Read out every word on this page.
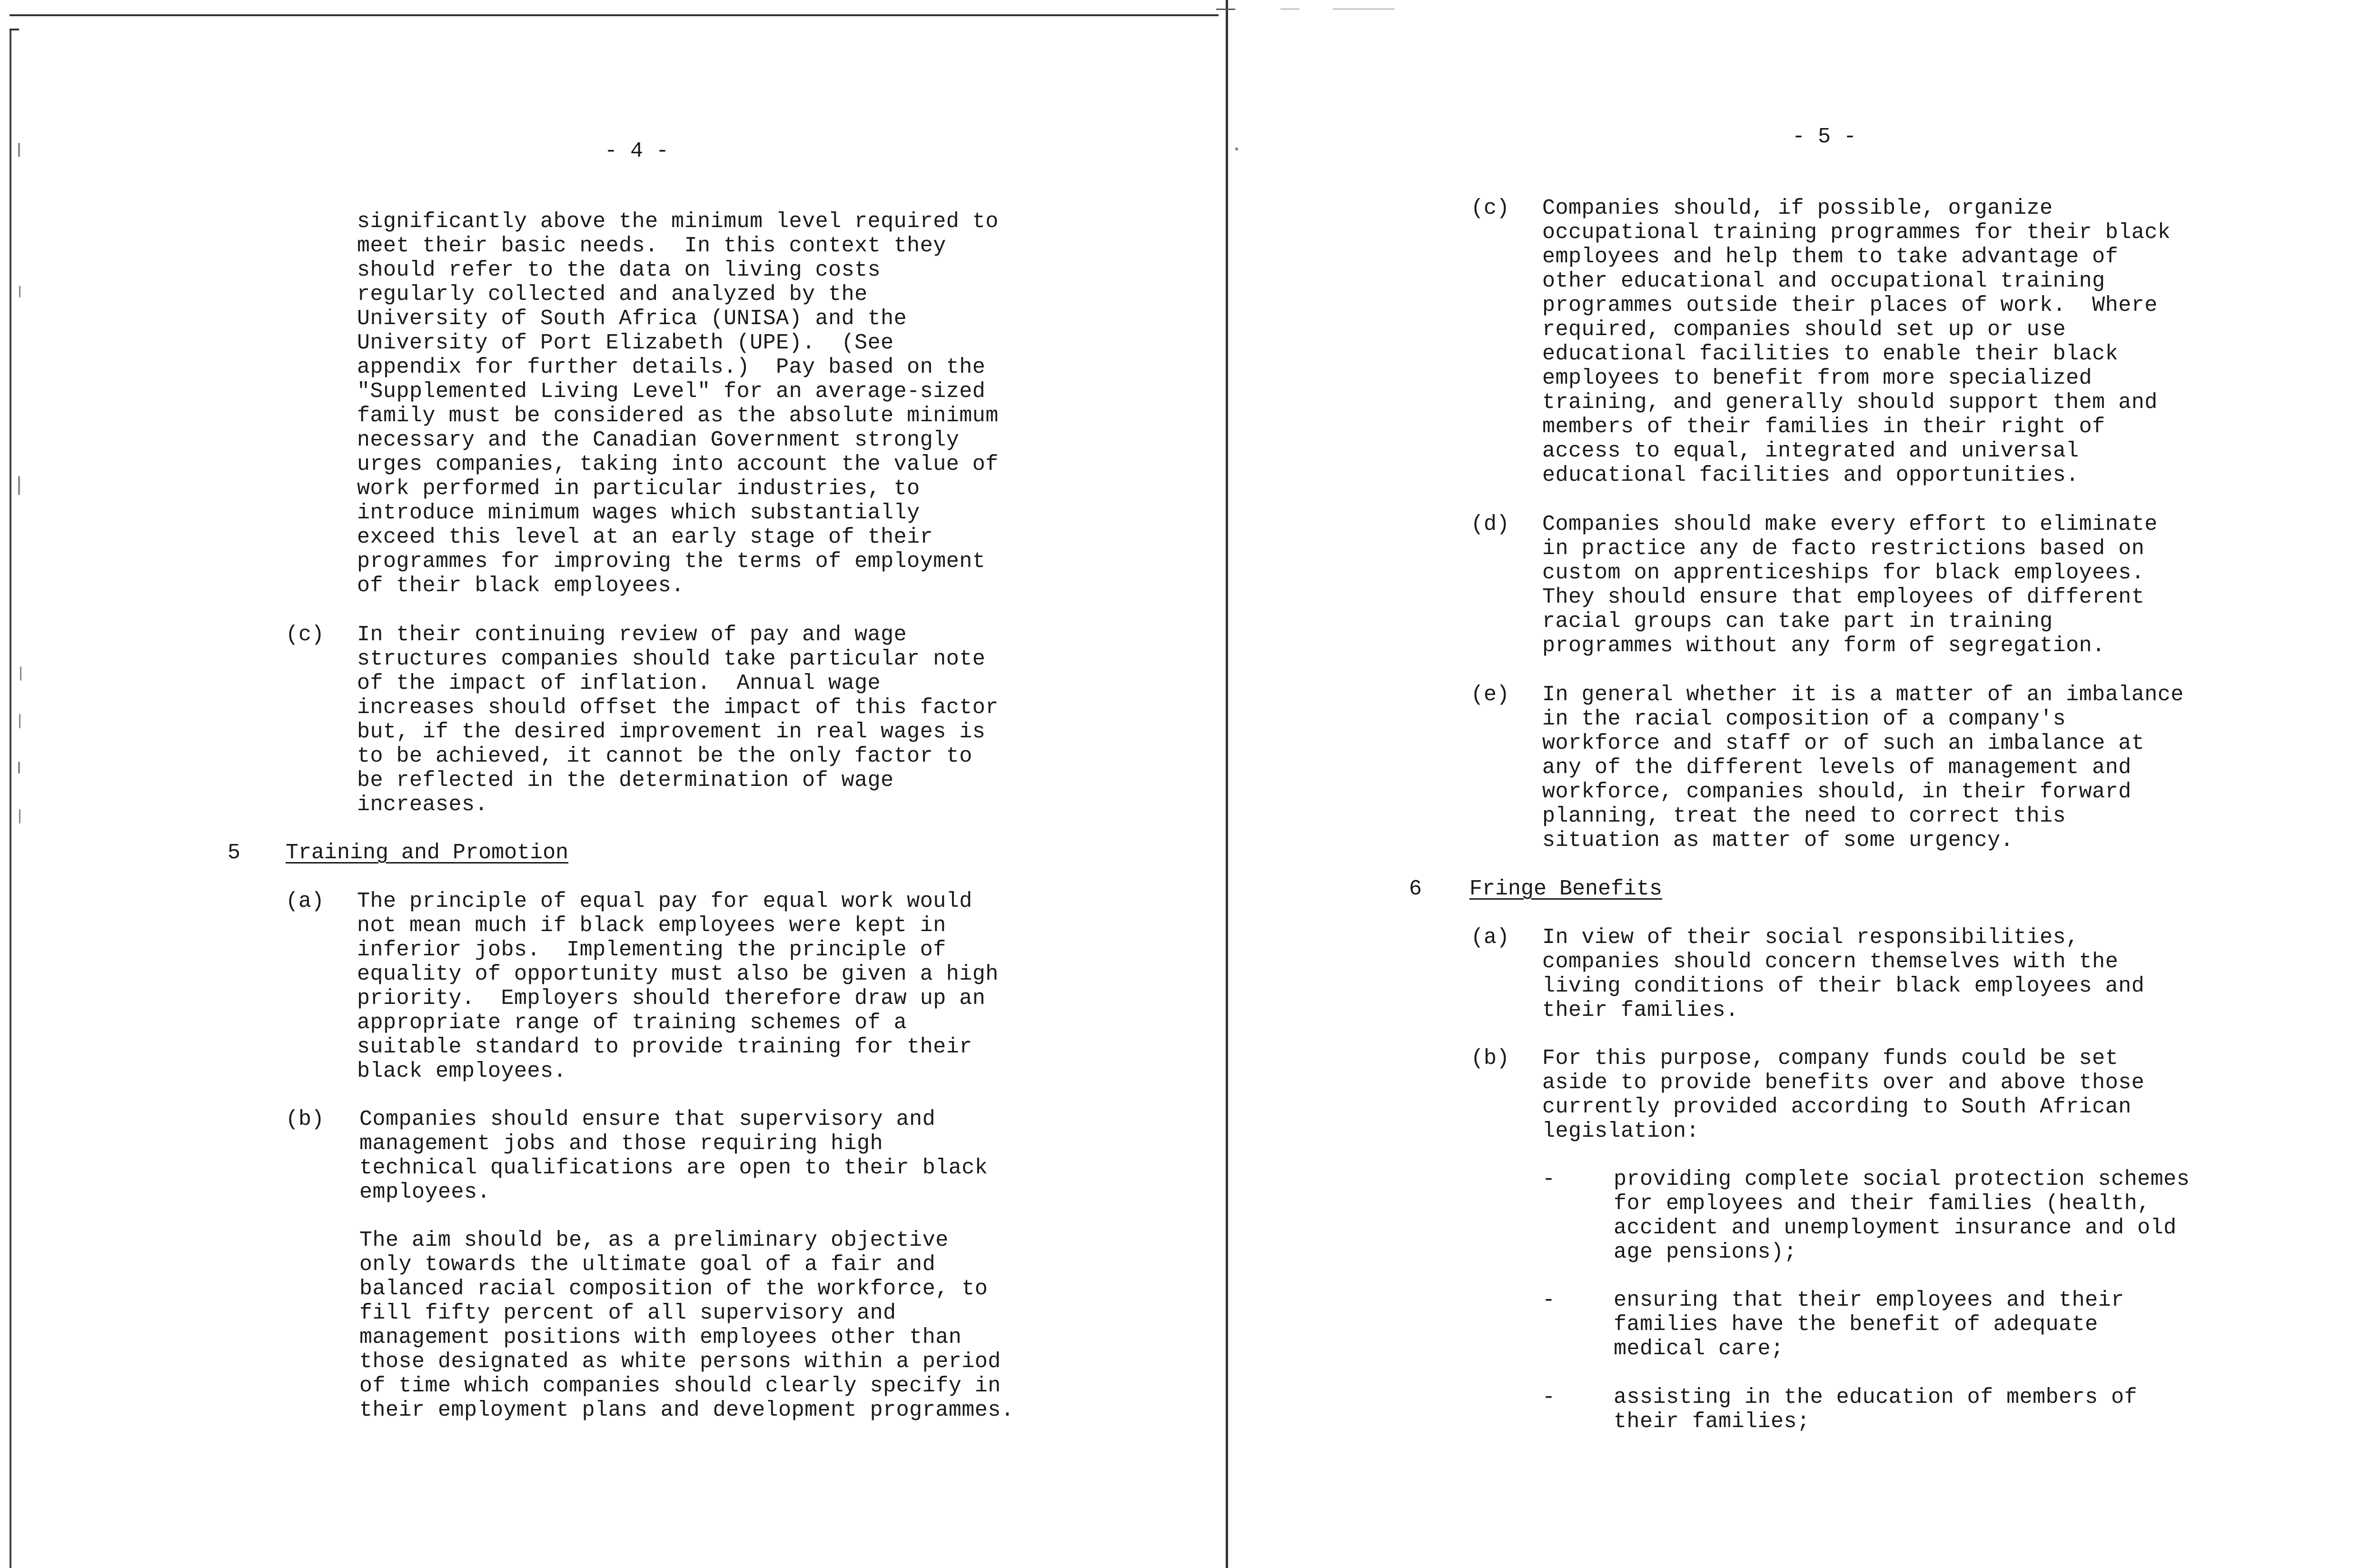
- 4 -
significantly above the minimum level required to
meet their basic needs.  In this context they
should refer to the data on living costs
regularly collected and analyzed by the
University of South Africa (UNISA) and the
University of Port Elizabeth (UPE).  (See
appendix for further details.)  Pay based on the
"Supplemented Living Level" for an average-sized
family must be considered as the absolute minimum
necessary and the Canadian Government strongly
urges companies, taking into account the value of
work performed in particular industries, to
introduce minimum wages which substantially
exceed this level at an early stage of their
programmes for improving the terms of employment
of their black employees.
(c) In their continuing review of pay and wage
structures companies should take particular note
of the impact of inflation.  Annual wage
increases should offset the impact of this factor
but, if the desired improvement in real wages is
to be achieved, it cannot be the only factor to
be reflected in the determination of wage
increases.
5 Training and Promotion
(a) The principle of equal pay for equal work would
not mean much if black employees were kept in
inferior jobs.  Implementing the principle of
equality of opportunity must also be given a high
priority.  Employers should therefore draw up an
appropriate range of training schemes of a
suitable standard to provide training for their
black employees.
(b) Companies should ensure that supervisory and
management jobs and those requiring high
technical qualifications are open to their black
employees.
The aim should be, as a preliminary objective
only towards the ultimate goal of a fair and
balanced racial composition of the workforce, to
fill fifty percent of all supervisory and
management positions with employees other than
those designated as white persons within a period
of time which companies should clearly specify in
their employment plans and development programmes.
- 5 -
(c) Companies should, if possible, organize
occupational training programmes for their black
employees and help them to take advantage of
other educational and occupational training
programmes outside their places of work.  Where
required, companies should set up or use
educational facilities to enable their black
employees to benefit from more specialized
training, and generally should support them and
members of their families in their right of
access to equal, integrated and universal
educational facilities and opportunities.
(d) Companies should make every effort to eliminate
in practice any de facto restrictions based on
custom on apprenticeships for black employees.
They should ensure that employees of different
racial groups can take part in training
programmes without any form of segregation.
(e) In general whether it is a matter of an imbalance
in the racial composition of a company's
workforce and staff or of such an imbalance at
any of the different levels of management and
workforce, companies should, in their forward
planning, treat the need to correct this
situation as matter of some urgency.
6 Fringe Benefits
(a) In view of their social responsibilities,
companies should concern themselves with the
living conditions of their black employees and
their families.
(b) For this purpose, company funds could be set
aside to provide benefits over and above those
currently provided according to South African
legislation:
-	providing complete social protection schemes
for employees and their families (health,
accident and unemployment insurance and old
age pensions);
-	ensuring that their employees and their
families have the benefit of adequate
medical care;
-	assisting in the education of members of
their families;
